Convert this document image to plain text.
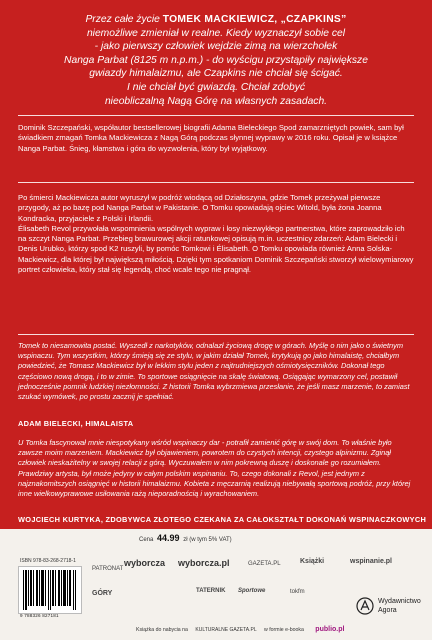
Przez całe życie TOMEK MACKIEWICZ, „CZAPKINS”
niemożliwe zmieniał w realne. Kiedy wyznaczył sobie cel
- jako pierwszy człowiek wejdzie zimą na wierzchołek
Nanga Parbat (8125 m n.p.m.) - do wyścigu przystąpiły największe
gwiazdy himalaizmu, ale Czapkins nie chciał się ścigać.
I nie chciał być gwiazdą. Chciał zdobyć
nieobliczalną Nagą Górę na własnych zasadach.

Dominik Szczepański, współautor bestsellerowej biografii Adama Bieleckiego Spod zamarzniętych powiek, sam był świadkiem zmagań Tomka Mackiewicza z Nagą Górą podczas słynnej wyprawy w 2016 roku. Opisał je w książce Nanga Parbat. Śnieg, kłamstwa i góra do wyzwolenia, który był wyjątkowy.

Po śmierci Mackiewicza autor wyruszył w podróż wiodącą od Działoszyna, gdzie Tomek przeżywał pierwsze przygody, aż po bazę pod Nanga Parbat w Pakistanie. O Tomku opowiadają ojciec Witold, była żona Joanna Kondracka, przyjaciele z Polski i Irlandii.

Élisabeth Revol przywołała wspomnienia wspólnych wypraw i losy niezwykłego partnerstwa, które zaprowadziło ich na szczyt Nanga Parbat. Przebieg brawurowej akcji ratunkowej opisują m.in. uczestnicy zdarzeń: Adam Bielecki i Denis Urubko, którzy spod K2 ruszyli, by pomóc Tomkowi i Élisabeth. O Tomku opowiada również Anna Solska-Mackiewicz, dla której był największą miłością. Dzięki tym spotkaniom Dominik Szczepański stworzył wielowymiarowy portret człowieka, który stał się legendą, choć wcale tego nie pragnął.

Tomek to niesamowita postać. Wyszedł z narkotyków, odnalazł życiową drogę w górach. Myślę o nim jako o świetnym wspinaczu. Tym wszystkim, którzy śmieją się ze stylu, w jakim działał Tomek, krytykują go jako himalaistę, chciałbym powiedzieć, że Tomasz Mackiewicz był w lekkim stylu jeden z najtrudniejszych ośmiotysięczników. Dokonał tego częściowo nową drogą, i to w zimie. To sportowe osiągnięcie na skalę światową. Osiągając wymarzony cel, postawił jednocześnie pomnik ludzkiej niezłomności. Z historii Tomka wybrzmiewa przesłanie, że jeśli masz marzenie, to zamiast szukać wymówek, po prostu zacznij je spełniać.

ADAM BIELECKI, HIMALAISTA

U Tomka fascynował mnie niespotykany wśród wspinaczy dar - potrafił zamienić górę w swój dom. To właśnie było zawsze moim marzeniem. Mackiewicz był objawieniem, powrotem do czystych intencji, czystego alpinizmu. Zginął człowiek nieskażitelny w swojej relacji z górą. Wyczuwałem w nim pokrewną duszę i doskonale go rozumiałem. Prawdziwy artysta, był może jedyny w całym polskim wspinaniu. To, czego dokonali z Revol, jest jednym z najznakomitszych osiągnięć w historii himalaizmu. Kobieta z męczarnią realizują niebywałą sportową podróż, przy której inne wielkowyprawowe usiłowania rażą nieporadnością i wyrachowaniem.

WOJCIECH KURTYKA, ZDOBYWCA ZŁOTEGO CZEKANA ZA CAŁOKSZTAŁT DOKONAŃ WSPINACZKOWYCH
Cena 44.99 zł (w tym 5% VAT)
ISBN 978-83-268-2718-1
9 788326 827181
PATRONAT
wyborcza wyborcza.pl	GAZETA.PL	Książki	wspinanie.pl
GÓRY	TATERNIK Sportowe	tokfm
Wydawnictwo
Agora
Książka do nabycia na KULTURALNE GAZETA.PL w formie e-booka publio.pl
